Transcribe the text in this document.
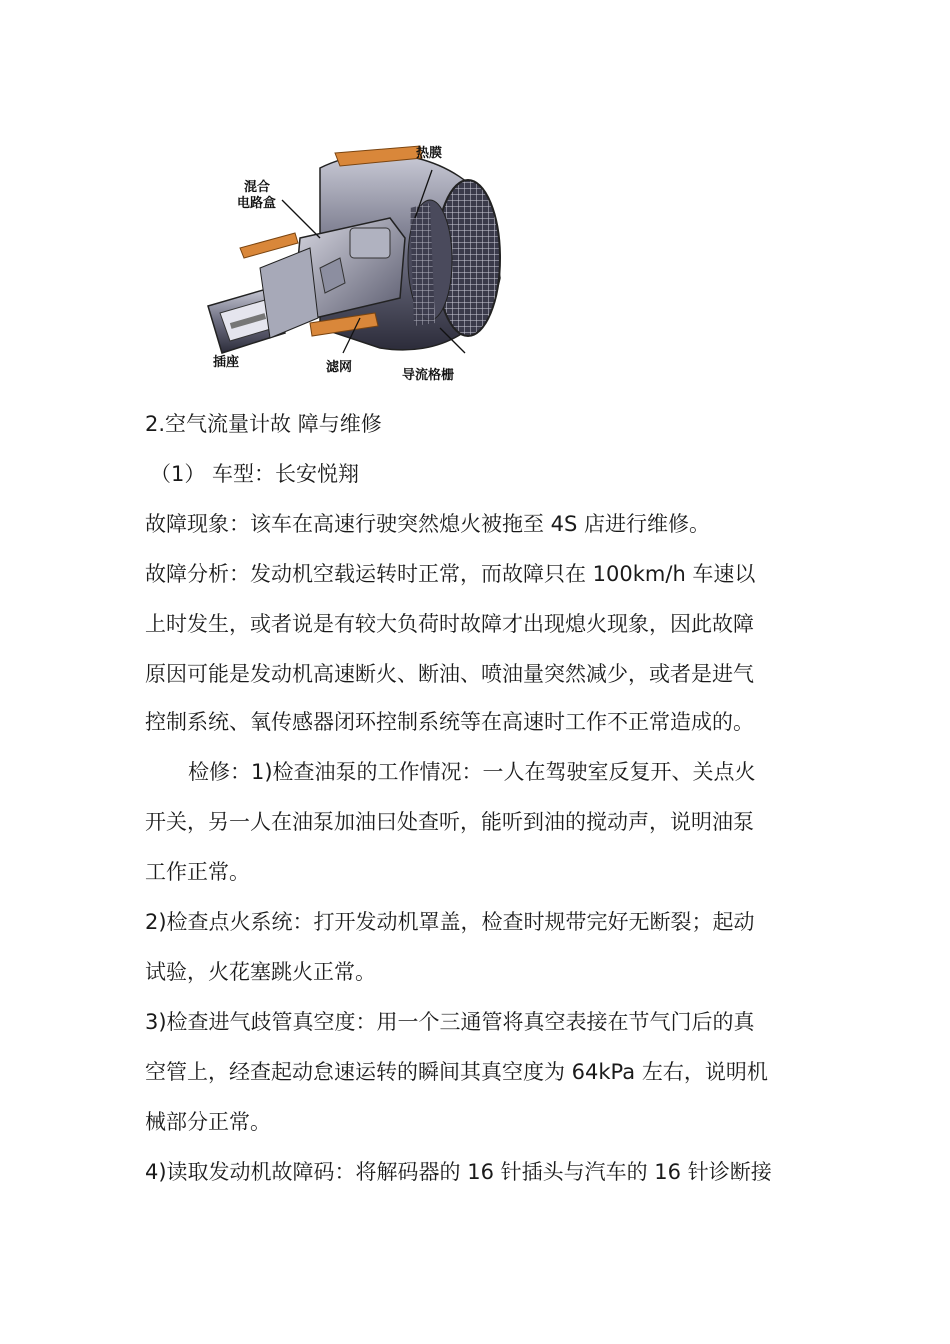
热膜
混合
电路盒
插座	滤网
导流格栅
2.空气流量计故 障与维修
（1） 车型：长安悦翔
故障现象：该车在高速行驶突然熄火被拖至 4S 店进行维修。
故障分析：发动机空载运转时正常，而故障只在 100km/h 车速以
上时发生，或者说是有较大负荷时故障才出现熄火现象，因此故障
原因可能是发动机高速断火、断油、喷油量突然减少，或者是进气
控制系统、氧传感器闭环控制系统等在高速时工作不正常造成的。
检修：1)检查油泵的工作情况：一人在驾驶室反复开、关点火
开关，另一人在油泵加油曰处查听，能听到油的搅动声，说明油泵
工作正常。
2)检查点火系统：打开发动机罩盖，检查时规带完好无断裂；起动
试验，火花塞跳火正常。
3)检查进气歧管真空度：用一个三通管将真空表接在节气门后的真
空管上，经查起动怠速运转的瞬间其真空度为 64kPa 左右，说明机
械部分正常。
4)读取发动机故障码：将解码器的 16 针插头与汽车的 16 针诊断接
